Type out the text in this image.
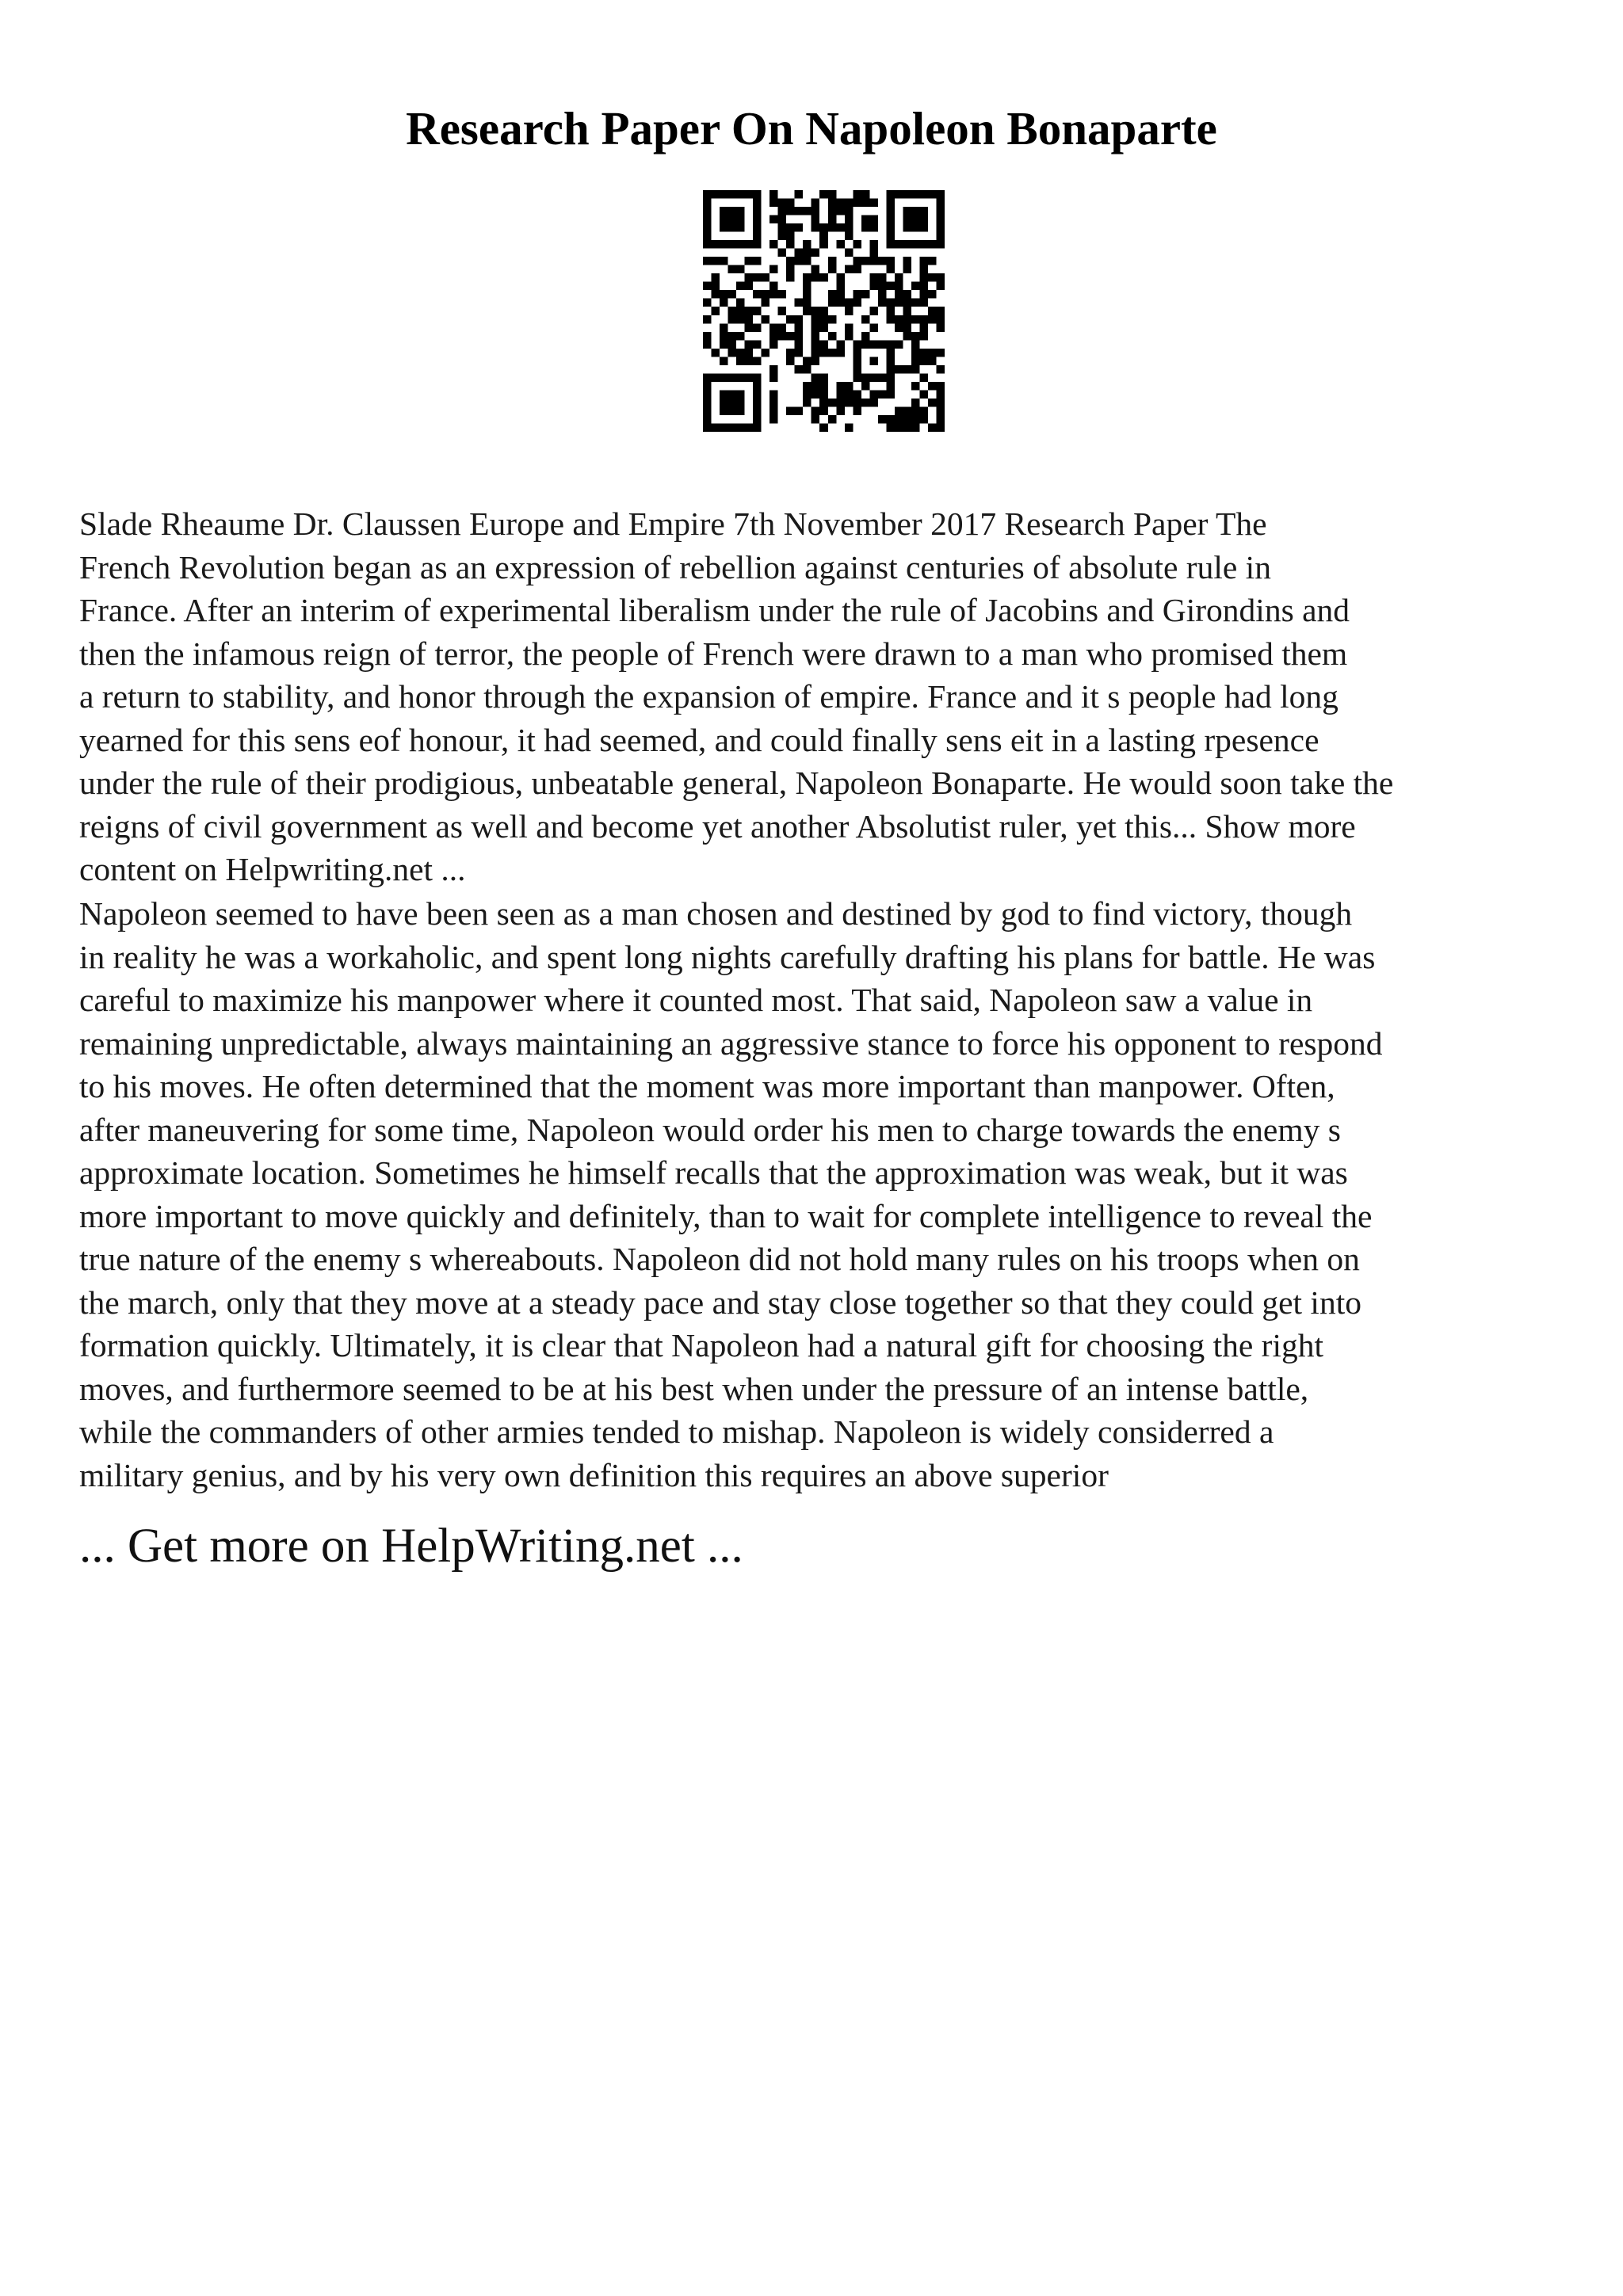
Research Paper On Napoleon Bonaparte
Slade Rheaume Dr. Claussen Europe and Empire 7th November 2017 Research Paper The
French Revolution began as an expression of rebellion against centuries of absolute rule in
France. After an interim of experimental liberalism under the rule of Jacobins and Girondins and
then the infamous reign of terror, the people of French were drawn to a man who promised them
a return to stability, and honor through the expansion of empire. France and it s people had long
yearned for this sens eof honour, it had seemed, and could finally sens eit in a lasting rpesence
under the rule of their prodigious, unbeatable general, Napoleon Bonaparte. He would soon take the
reigns of civil government as well and become yet another Absolutist ruler, yet this... Show more
content on Helpwriting.net ...
Napoleon seemed to have been seen as a man chosen and destined by god to find victory, though
in reality he was a workaholic, and spent long nights carefully drafting his plans for battle. He was
careful to maximize his manpower where it counted most. That said, Napoleon saw a value in
remaining unpredictable, always maintaining an aggressive stance to force his opponent to respond
to his moves. He often determined that the moment was more important than manpower. Often,
after maneuvering for some time, Napoleon would order his men to charge towards the enemy s
approximate location. Sometimes he himself recalls that the approximation was weak, but it was
more important to move quickly and definitely, than to wait for complete intelligence to reveal the
true nature of the enemy s whereabouts. Napoleon did not hold many rules on his troops when on
the march, only that they move at a steady pace and stay close together so that they could get into
formation quickly. Ultimately, it is clear that Napoleon had a natural gift for choosing the right
moves, and furthermore seemed to be at his best when under the pressure of an intense battle,
while the commanders of other armies tended to mishap. Napoleon is widely considerred a
military genius, and by his very own definition this requires an above superior

... Get more on HelpWriting.net ...
